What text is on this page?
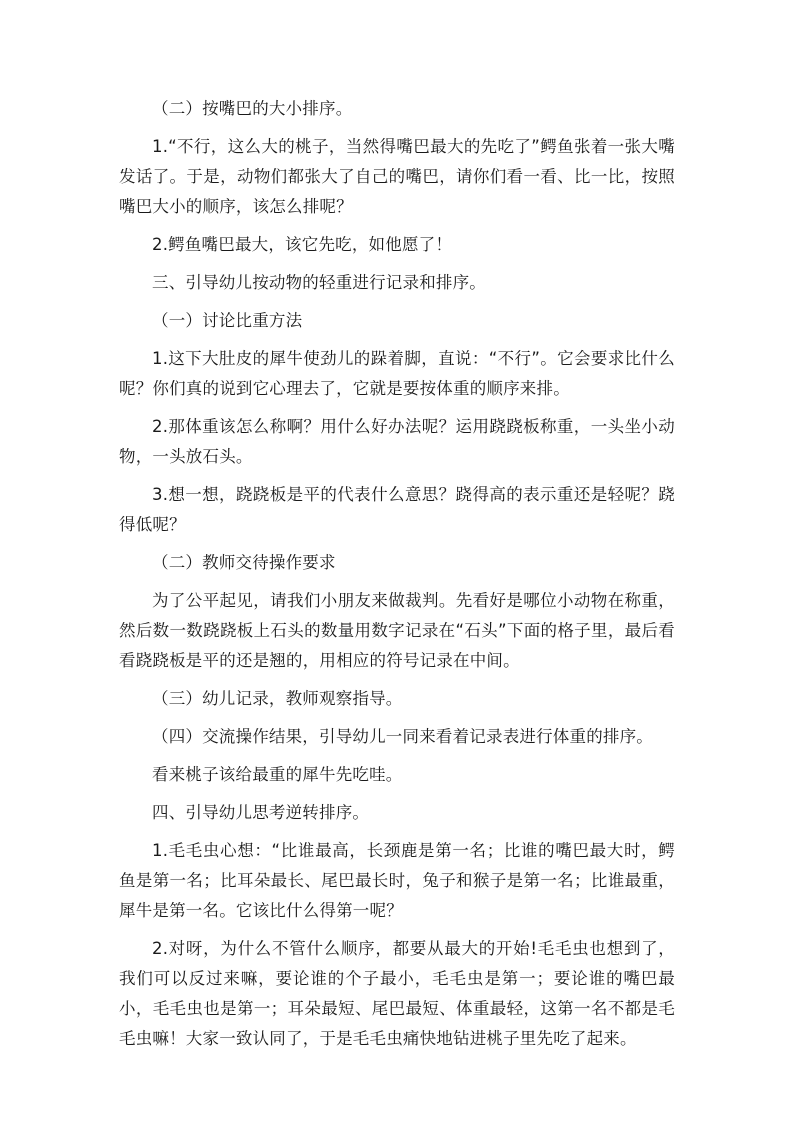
（二）按嘴巴的大小排序。

1.“不行，这么大的桃子，当然得嘴巴最大的先吃了”鳄鱼张着一张大嘴发话了。于是，动物们都张大了自己的嘴巴，请你们看一看、比一比，按照嘴巴大小的顺序，该怎么排呢？

2.鳄鱼嘴巴最大，该它先吃，如他愿了！

三、引导幼儿按动物的轻重进行记录和排序。

（一）讨论比重方法

1.这下大肚皮的犀牛使劲儿的跺着脚，直说：“不行”。它会要求比什么呢？你们真的说到它心理去了，它就是要按体重的顺序来排。

2.那体重该怎么称啊？用什么好办法呢？运用跷跷板称重，一头坐小动物，一头放石头。

3.想一想，跷跷板是平的代表什么意思？跷得高的表示重还是轻呢？跷得低呢？

（二）教师交待操作要求

为了公平起见，请我们小朋友来做裁判。先看好是哪位小动物在称重，然后数一数跷跷板上石头的数量用数字记录在“石头”下面的格子里，最后看看跷跷板是平的还是翘的，用相应的符号记录在中间。

（三）幼儿记录，教师观察指导。

（四）交流操作结果，引导幼儿一同来看着记录表进行体重的排序。

看来桃子该给最重的犀牛先吃哇。

四、引导幼儿思考逆转排序。

1.毛毛虫心想：“比谁最高，长颈鹿是第一名；比谁的嘴巴最大时，鳄鱼是第一名；比耳朵最长、尾巴最长时，兔子和猴子是第一名；比谁最重，犀牛是第一名。它该比什么得第一呢？

2.对呀，为什么不管什么顺序，都要从最大的开始!毛毛虫也想到了，我们可以反过来嘛，要论谁的个子最小，毛毛虫是第一；要论谁的嘴巴最小，毛毛虫也是第一；耳朵最短、尾巴最短、体重最轻，这第一名不都是毛毛虫嘛！大家一致认同了，于是毛毛虫痛快地钻进桃子里先吃了起来。
